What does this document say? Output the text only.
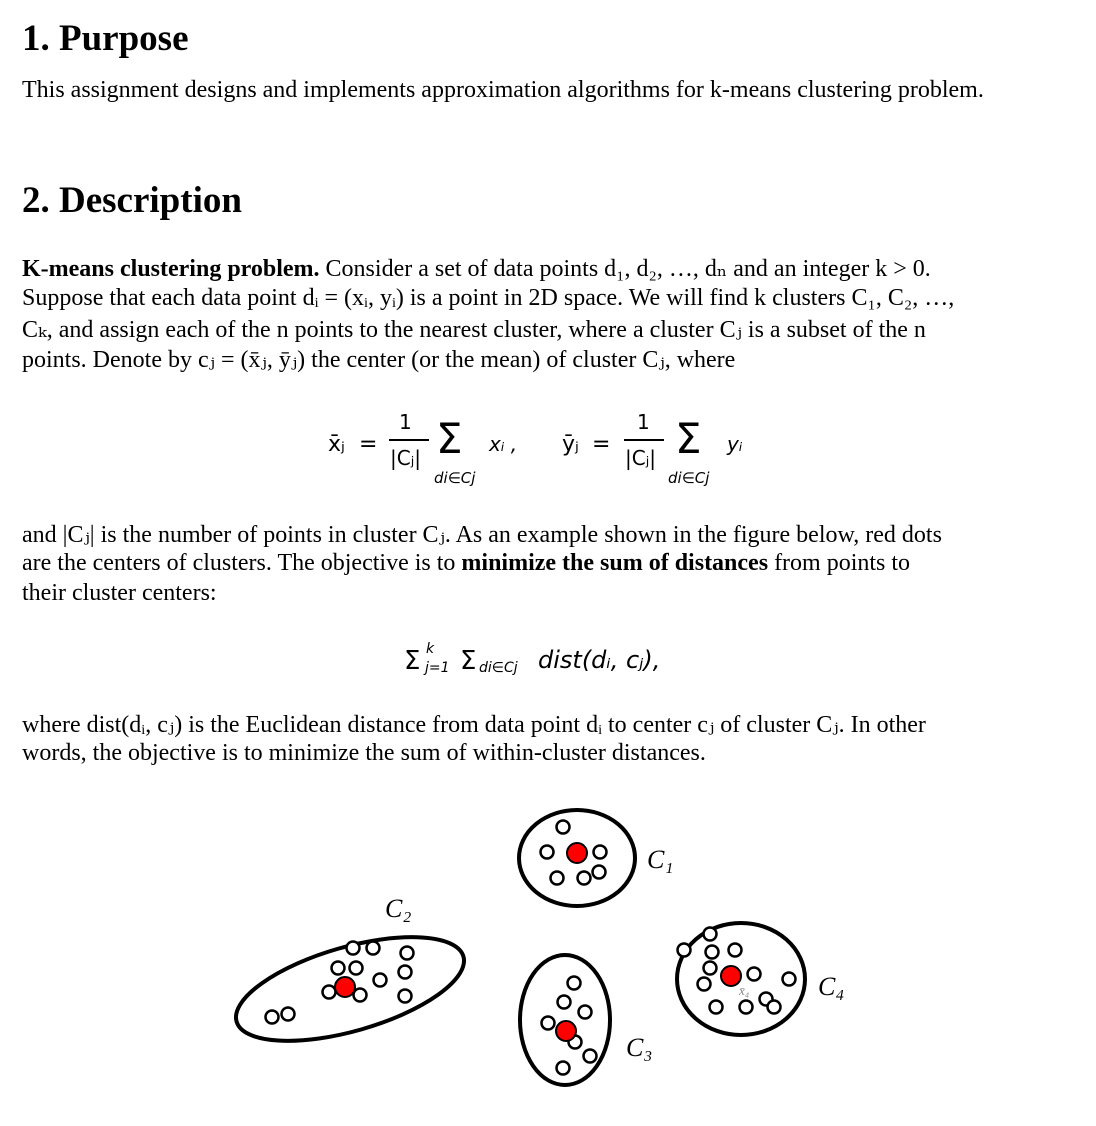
1. Purpose

This assignment designs and implements approximation algorithms for k-means clustering problem.

2. Description
K-means clustering problem. Consider a set of data points d₁, d₂, …, dₙ and an integer k > 0.
Suppose that each data point dᵢ = (xᵢ, yᵢ) is a point in 2D space. We will find k clusters C₁, C₂, …,
Cₖ, and assign each of the n points to the nearest cluster, where a cluster Cⱼ is a subset of the n
points. Denote by cⱼ = (x̄ⱼ, ȳⱼ) the center (or the mean) of cluster Cⱼ, where
x̄ⱼ =
1
|Cⱼ| Σ
di∈Cj
xᵢ , ȳⱼ =
1
|Cⱼ| Σ
di∈Cj
yᵢ
and |Cⱼ| is the number of points in cluster Cⱼ. As an example shown in the figure below, red dots
are the centers of clusters. The objective is to minimize the sum of distances from points to
their cluster centers:
Σ k
j=1 Σ di∈Cj dist(dᵢ, cⱼ),
where dist(dᵢ, cⱼ) is the Euclidean distance from data point dᵢ to center cⱼ of cluster Cⱼ. In other
words, the objective is to minimize the sum of within-cluster distances.
C₁
C₂
C₃
C₄
x̄₄
